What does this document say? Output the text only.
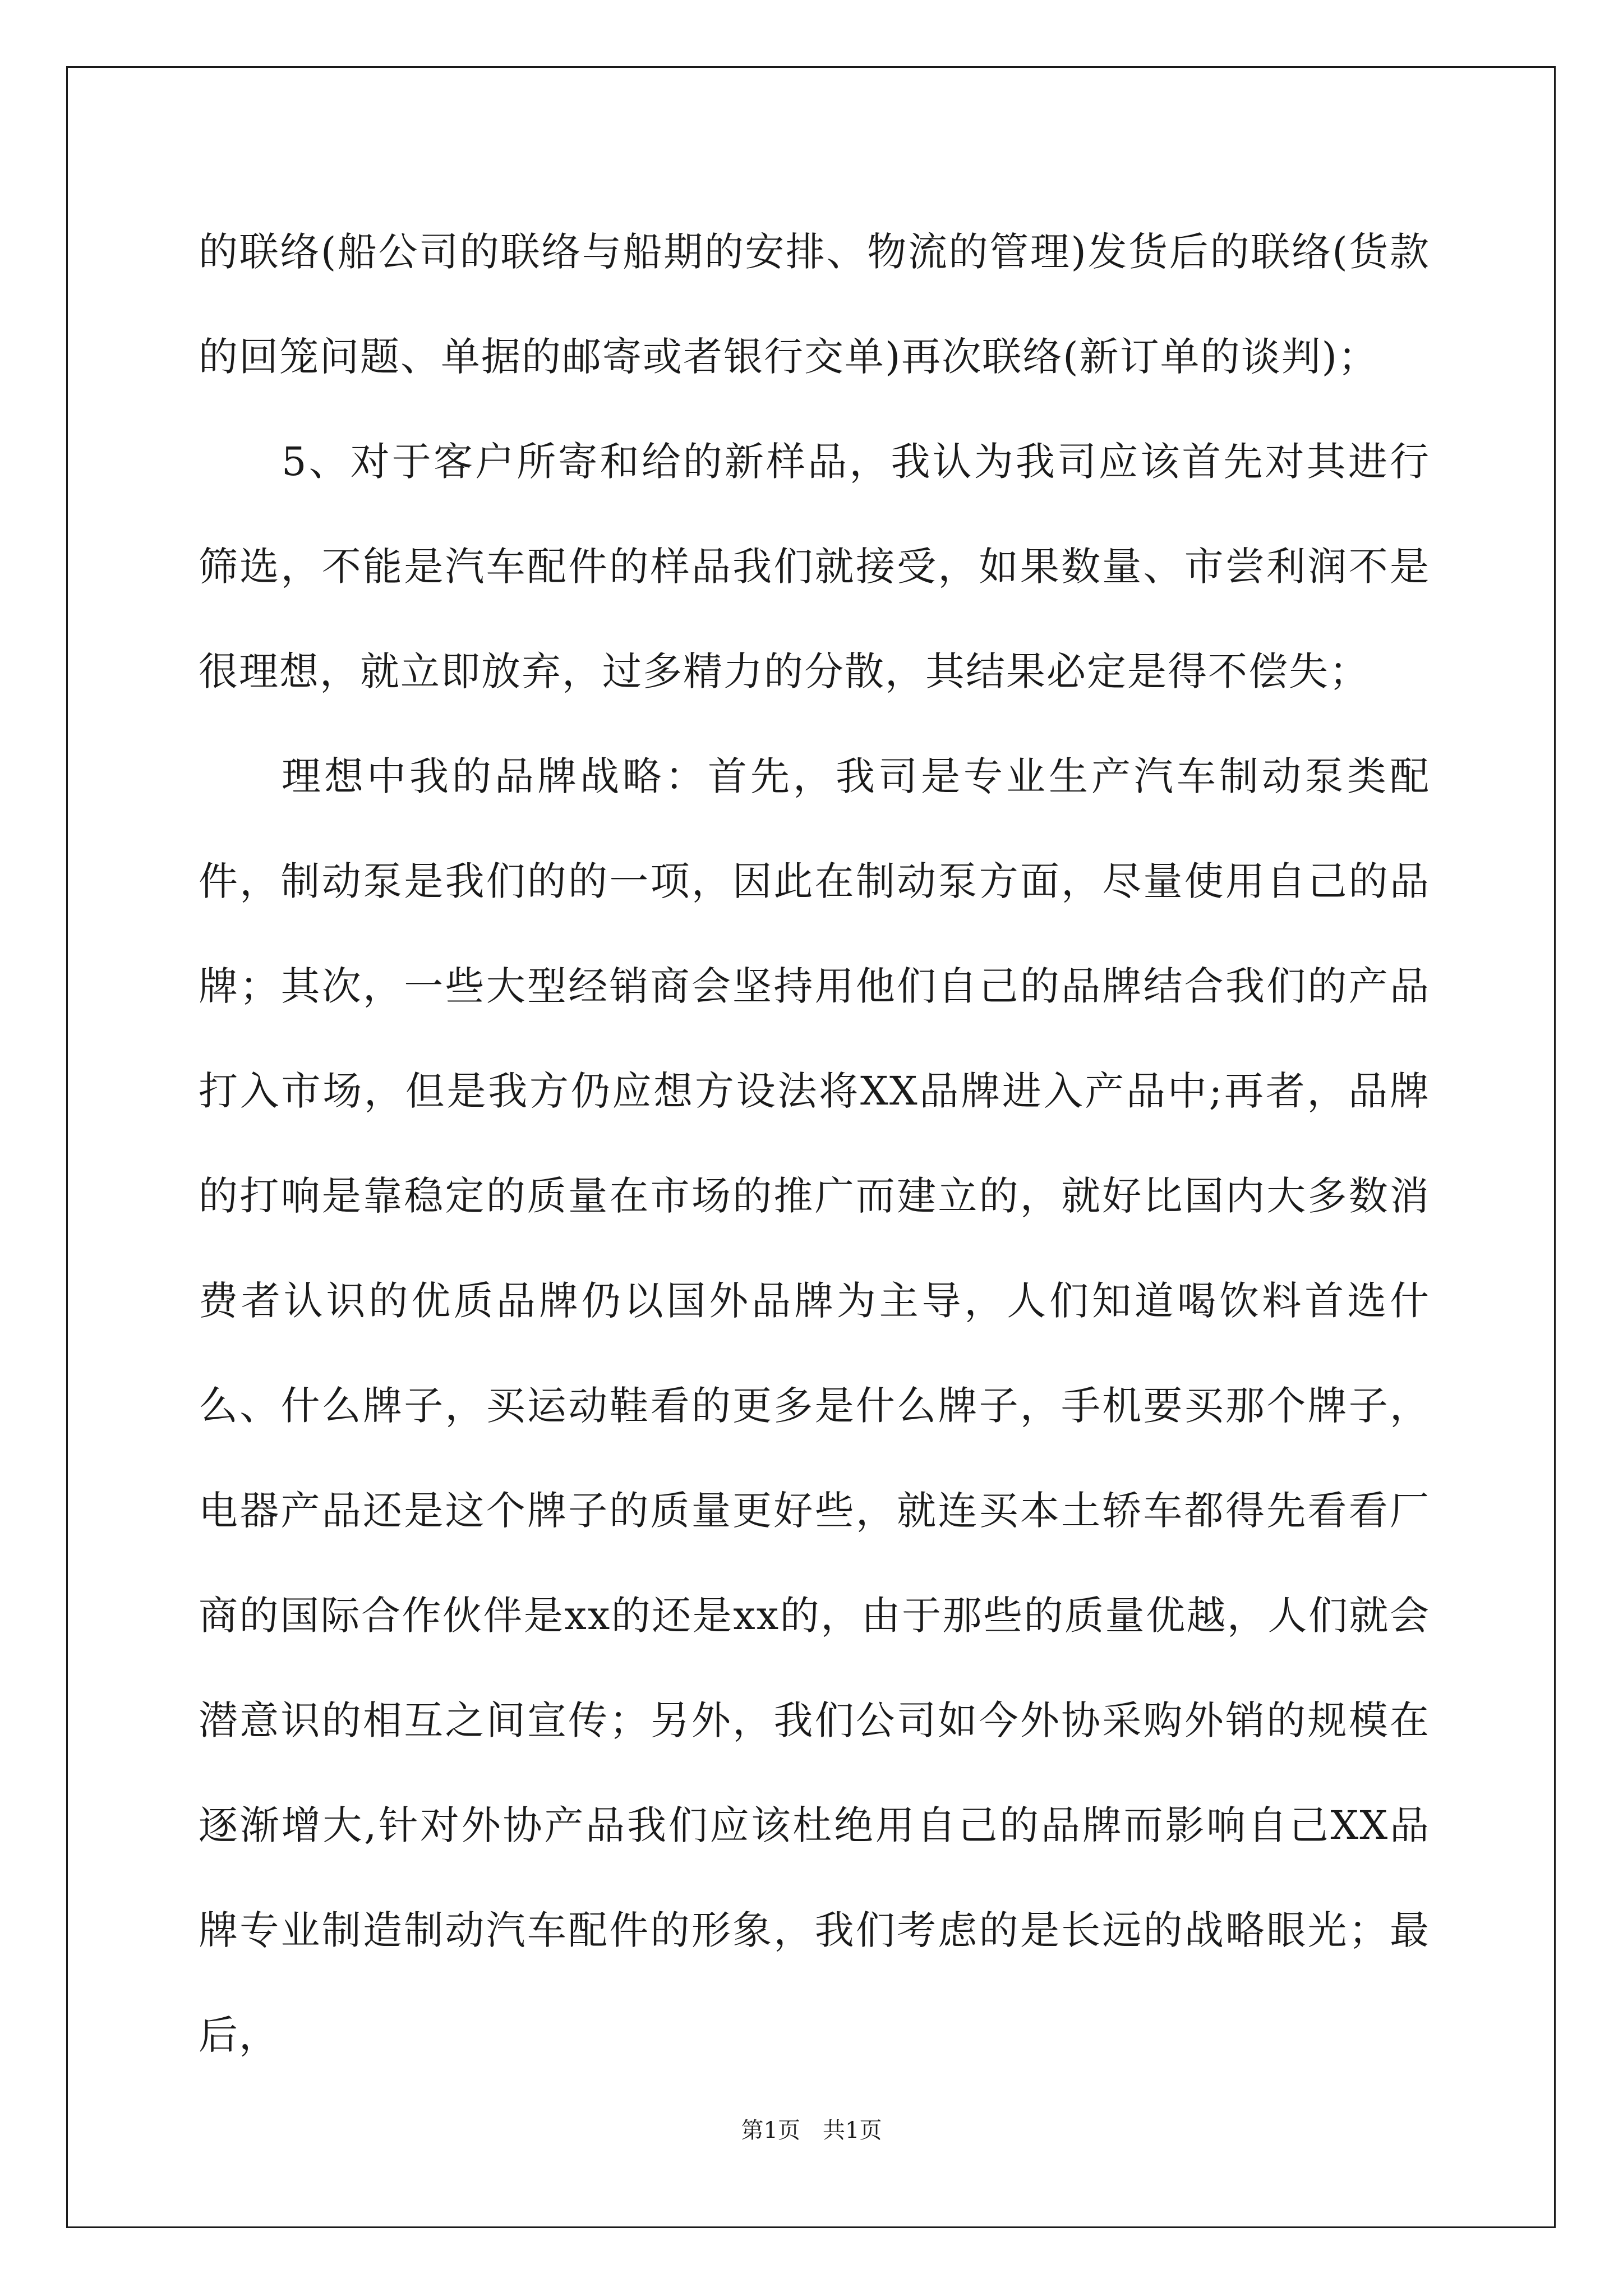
的联络(船公司的联络与船期的安排、物流的管理)发货后的联络(货款的回笼问题、单据的邮寄或者银行交单)再次联络(新订单的谈判)；

5、对于客户所寄和给的新样品，我认为我司应该首先对其进行筛选，不能是汽车配件的样品我们就接受，如果数量、市尝利润不是很理想，就立即放弃，过多精力的分散，其结果必定是得不偿失；

理想中我的品牌战略：首先，我司是专业生产汽车制动泵类配件，制动泵是我们的的一项，因此在制动泵方面，尽量使用自己的品牌；其次，一些大型经销商会坚持用他们自己的品牌结合我们的产品打入市场，但是我方仍应想方设法将XX品牌进入产品中;再者，品牌的打响是靠稳定的质量在市场的推广而建立的，就好比国内大多数消费者认识的优质品牌仍以国外品牌为主导，人们知道喝饮料首选什么、什么牌子，买运动鞋看的更多是什么牌子，手机要买那个牌子，电器产品还是这个牌子的质量更好些，就连买本土轿车都得先看看厂商的国际合作伙伴是xx的还是xx的，由于那些的质量优越，人们就会潜意识的相互之间宣传；另外，我们公司如今外协采购外销的规模在逐渐增大,针对外协产品我们应该杜绝用自己的品牌而影响自己XX品牌专业制造制动汽车配件的形象，我们考虑的是长远的战略眼光；最后，

第1页　共1页
